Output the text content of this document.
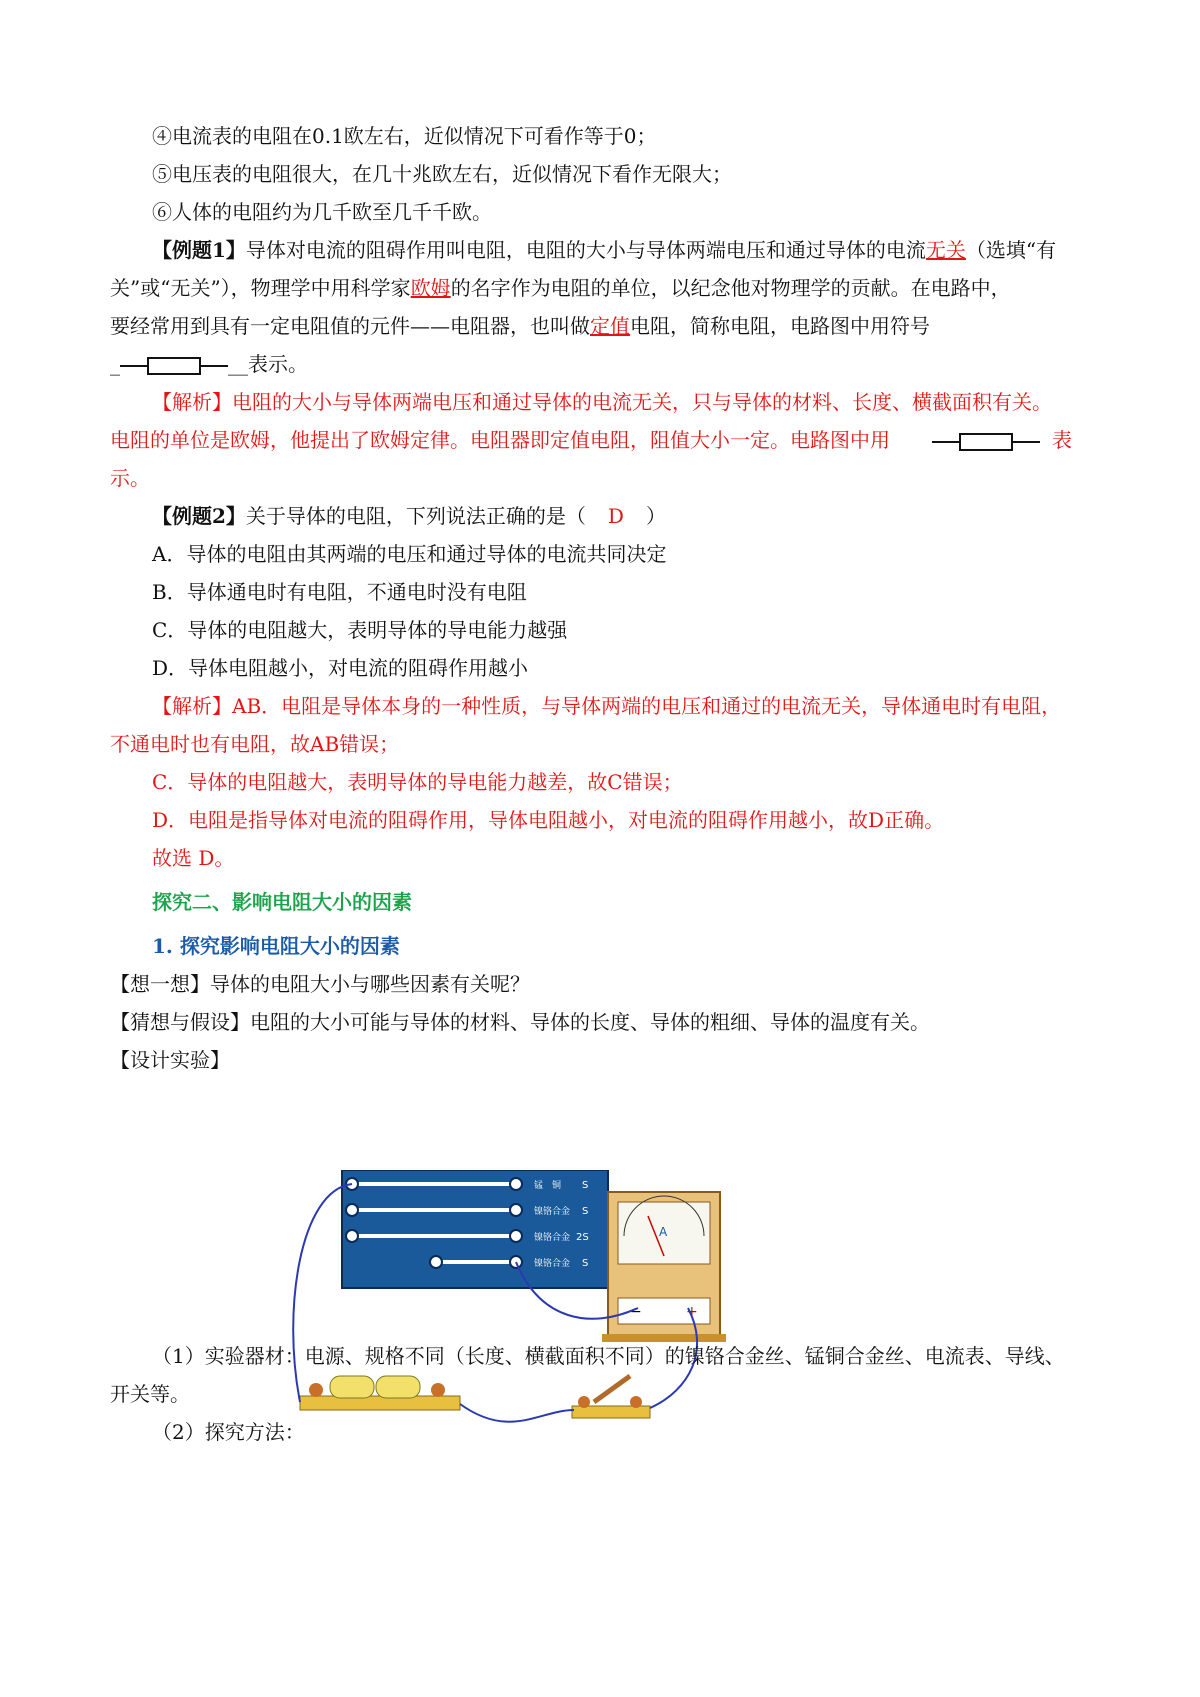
④电流表的电阻在0.1欧左右，近似情况下可看作等于0；
⑤电压表的电阻很大，在几十兆欧左右，近似情况下看作无限大；
⑥人体的电阻约为几千欧至几千千欧。
【例题1】导体对电流的阻碍作用叫电阻，电阻的大小与导体两端电压和通过导体的电流无关（选填“有
关”或“无关”），物理学中用科学家欧姆的名字作为电阻的单位，以纪念他对物理学的贡献。在电路中，
要经常用到具有一定电阻值的元件——电阻器，也叫做定值电阻，简称电阻，电路图中用符号
_	__表示。
【解析】电阻的大小与导体两端电压和通过导体的电流无关，只与导体的材料、长度、横截面积有关。
电阻的单位是欧姆，他提出了欧姆定律。电阻器即定值电阻，阻值大小一定。电路图中用	表
示。
【例题2】关于导体的电阻，下列说法正确的是（ D ）
A．导体的电阻由其两端的电压和通过导体的电流共同决定
B．导体通电时有电阻，不通电时没有电阻
C．导体的电阻越大，表明导体的导电能力越强
D．导体电阻越小，对电流的阻碍作用越小
【解析】AB．电阻是导体本身的一种性质，与导体两端的电压和通过的电流无关，导体通电时有电阻，
不通电时也有电阻，故AB错误；
C．导体的电阻越大，表明导体的导电能力越差，故C错误；
D．电阻是指导体对电流的阻碍作用，导体电阻越小，对电流的阻碍作用越小，故D正确。
故选 D。
探究二、影响电阻大小的因素
1. 探究影响电阻大小的因素
【想一想】导体的电阻大小与哪些因素有关呢？
【猜想与假设】电阻的大小可能与导体的材料、导体的长度、导体的粗细、导体的温度有关。
【设计实验】
锰　铜
镍铬合金
镍铬合金
镍铬合金
S
S
2S
S
A
−	+
（1）实验器材：电源、规格不同（长度、横截面积不同）的镍铬合金丝、锰铜合金丝、电流表、导线、
开关等。
（2）探究方法：
